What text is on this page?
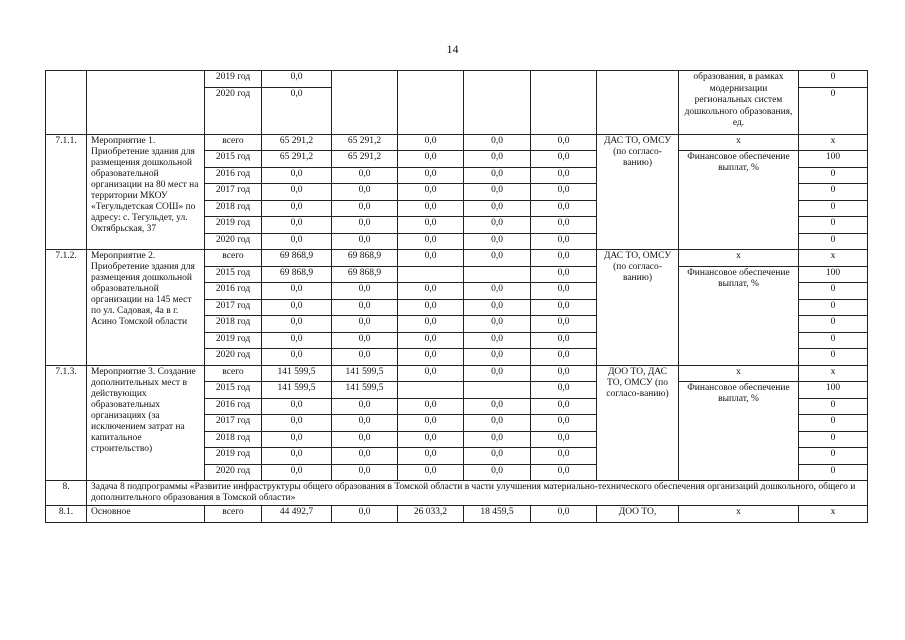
14
		2019 год	0,0						образования, в рамках модернизации региональных систем дошкольного образования, ед.	0
		2020 год	0,0							0
7.1.1.	Мероприятие 1. Приобретение здания для размещения дошкольной образовательной организации на 80 мест на территории МКОУ «Тегульдетская СОШ» по адресу: с. Тегульдет, ул. Октябрьская, 37	всего	65 291,2	65 291,2	0,0	0,0	0,0	ДАС ТО, ОМСУ (по согласо-ванию)	х	х
		2015 год	65 291,2	65 291,2	0,0	0,0	0,0		Финансовое обеспечение выплат, %	100
		2016 год	0,0	0,0	0,0	0,0	0,0			0
		2017 год	0,0	0,0	0,0	0,0	0,0			0
		2018 год	0,0	0,0	0,0	0,0	0,0			0
		2019 год	0,0	0,0	0,0	0,0	0,0			0
		2020 год	0,0	0,0	0,0	0,0	0,0			0
7.1.2.	Мероприятие 2. Приобретение здания для размещения дошкольной образовательной организации на 145 мест по ул. Садовая, 4а в г. Асино Томской области	всего	69 868,9	69 868,9	0,0	0,0	0,0	ДАС ТО, ОМСУ (по согласо-ванию)	х	х
		2015 год	69 868,9	69 868,9			0,0		Финансовое обеспечение выплат, %	100
		2016 год	0,0	0,0	0,0	0,0	0,0			0
		2017 год	0,0	0,0	0,0	0,0	0,0			0
		2018 год	0,0	0,0	0,0	0,0	0,0			0
		2019 год	0,0	0,0	0,0	0,0	0,0			0
		2020 год	0,0	0,0	0,0	0,0	0,0			0
7.1.3.	Мероприятие 3. Создание дополнительных мест в действующих образовательных организациях (за исключением затрат на капитальное строительство)	всего	141 599,5	141 599,5	0,0	0,0	0,0	ДОО ТО, ДАС ТО, ОМСУ (по согласо-ванию)	х	х
		2015 год	141 599,5	141 599,5			0,0		Финансовое обеспечение выплат, %	100
		2016 год	0,0	0,0	0,0	0,0	0,0			0
		2017 год	0,0	0,0	0,0	0,0	0,0			0
		2018 год	0,0	0,0	0,0	0,0	0,0			0
		2019 год	0,0	0,0	0,0	0,0	0,0			0
		2020 год	0,0	0,0	0,0	0,0	0,0			0
8.	Задача 8 подпрограммы «Развитие инфраструктуры общего образования в Томской области в части улучшения материально-технического обеспечения организаций дошкольного, общего и дополнительного образования в Томской области»									
8.1.	Основное	всего	44 492,7	0,0	26 033,2	18 459,5	0,0	ДОО ТО,	х	х
